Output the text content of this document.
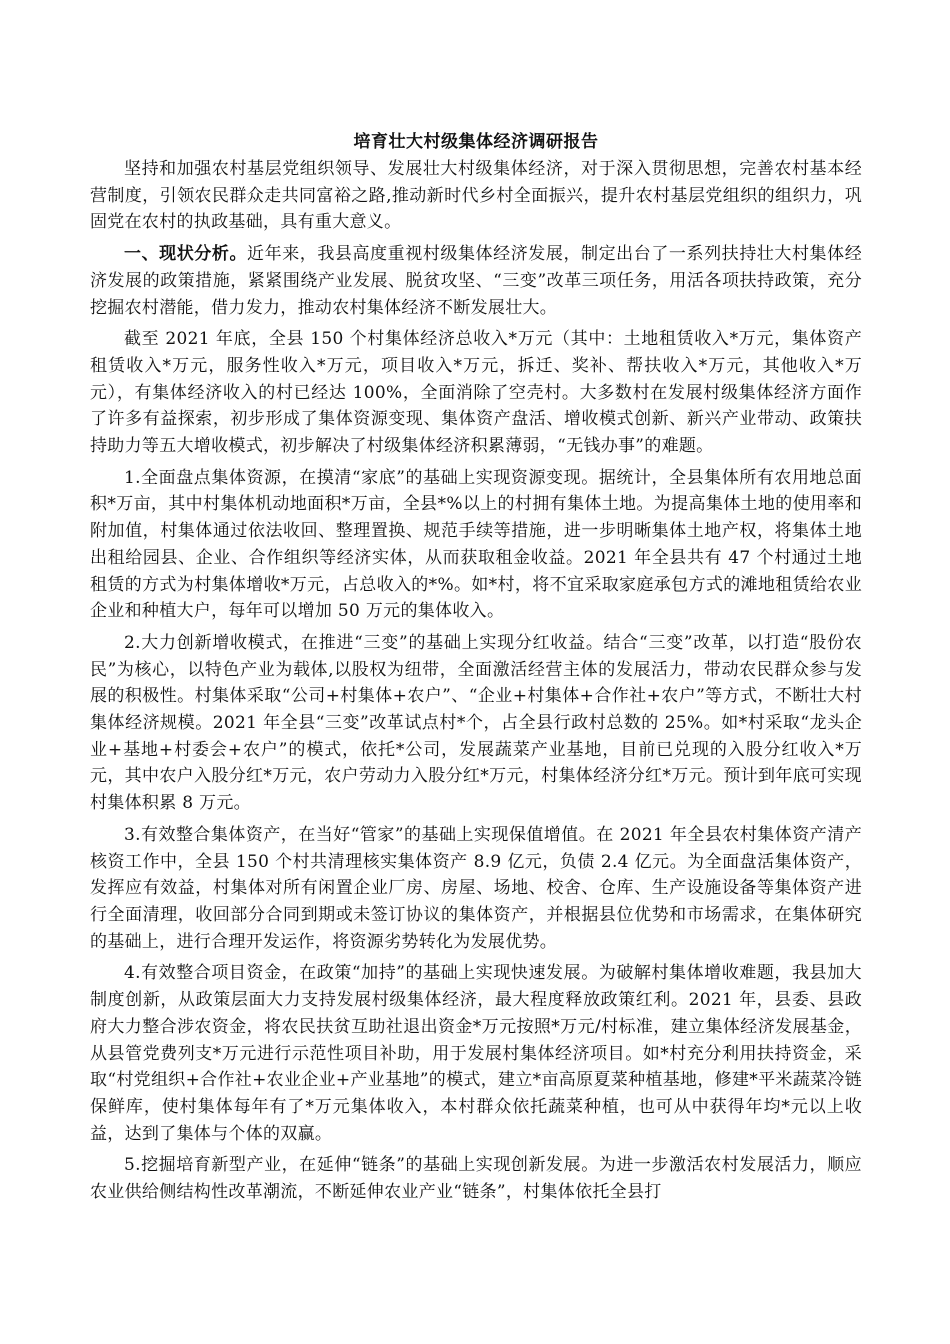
培育壮大村级集体经济调研报告

坚持和加强农村基层党组织领导、发展壮大村级集体经济，对于深入贯彻思想，完善农村基本经营制度，引领农民群众走共同富裕之路,推动新时代乡村全面振兴，提升农村基层党组织的组织力，巩固党在农村的执政基础，具有重大意义。

一、现状分析。近年来，我县高度重视村级集体经济发展，制定出台了一系列扶持壮大村集体经济发展的政策措施，紧紧围绕产业发展、脱贫攻坚、“三变”改革三项任务，用活各项扶持政策，充分挖掘农村潜能，借力发力，推动农村集体经济不断发展壮大。

截至 2021 年底，全县 150 个村集体经济总收入*万元（其中：土地租赁收入*万元，集体资产租赁收入*万元，服务性收入*万元，项目收入*万元，拆迁、奖补、帮扶收入*万元，其他收入*万元），有集体经济收入的村已经达 100%，全面消除了空壳村。大多数村在发展村级集体经济方面作了许多有益探索，初步形成了集体资源变现、集体资产盘活、增收模式创新、新兴产业带动、政策扶持助力等五大增收模式，初步解决了村级集体经济积累薄弱，“无钱办事”的难题。

1.全面盘点集体资源，在摸清“家底”的基础上实现资源变现。据统计，全县集体所有农用地总面积*万亩，其中村集体机动地面积*万亩，全县*%以上的村拥有集体土地。为提高集体土地的使用率和附加值，村集体通过依法收回、整理置换、规范手续等措施，进一步明晰集体土地产权，将集体土地出租给园县、企业、合作组织等经济实体，从而获取租金收益。2021 年全县共有 47 个村通过土地租赁的方式为村集体增收*万元，占总收入的*%。如*村，将不宜采取家庭承包方式的滩地租赁给农业企业和种植大户，每年可以增加 50 万元的集体收入。

2.大力创新增收模式，在推进“三变”的基础上实现分红收益。结合“三变”改革，以打造“股份农民”为核心，以特色产业为载体,以股权为纽带，全面激活经营主体的发展活力，带动农民群众参与发展的积极性。村集体采取“公司+村集体+农户”、“企业+村集体+合作社+农户”等方式，不断壮大村集体经济规模。2021 年全县“三变”改革试点村*个，占全县行政村总数的 25%。如*村采取“龙头企业+基地+村委会+农户”的模式，依托*公司，发展蔬菜产业基地，目前已兑现的入股分红收入*万元，其中农户入股分红*万元，农户劳动力入股分红*万元，村集体经济分红*万元。预计到年底可实现村集体积累 8 万元。

3.有效整合集体资产，在当好“管家”的基础上实现保值增值。在 2021 年全县农村集体资产清产核资工作中，全县 150 个村共清理核实集体资产 8.9 亿元，负债 2.4 亿元。为全面盘活集体资产，发挥应有效益，村集体对所有闲置企业厂房、房屋、场地、校舍、仓库、生产设施设备等集体资产进行全面清理，收回部分合同到期或未签订协议的集体资产，并根据县位优势和市场需求，在集体研究的基础上，进行合理开发运作，将资源劣势转化为发展优势。

4.有效整合项目资金，在政策“加持”的基础上实现快速发展。为破解村集体增收难题，我县加大制度创新，从政策层面大力支持发展村级集体经济，最大程度释放政策红利。2021 年，县委、县政府大力整合涉农资金，将农民扶贫互助社退出资金*万元按照*万元/村标准，建立集体经济发展基金，从县管党费列支*万元进行示范性项目补助，用于发展村集体经济项目。如*村充分利用扶持资金，采取“村党组织+合作社+农业企业+产业基地”的模式，建立*亩高原夏菜种植基地，修建*平米蔬菜冷链保鲜库，使村集体每年有了*万元集体收入，本村群众依托蔬菜种植，也可从中获得年均*元以上收益，达到了集体与个体的双赢。

5.挖掘培育新型产业，在延伸“链条”的基础上实现创新发展。为进一步激活农村发展活力，顺应农业供给侧结构性改革潮流，不断延伸农业产业“链条”，村集体依托全县打
